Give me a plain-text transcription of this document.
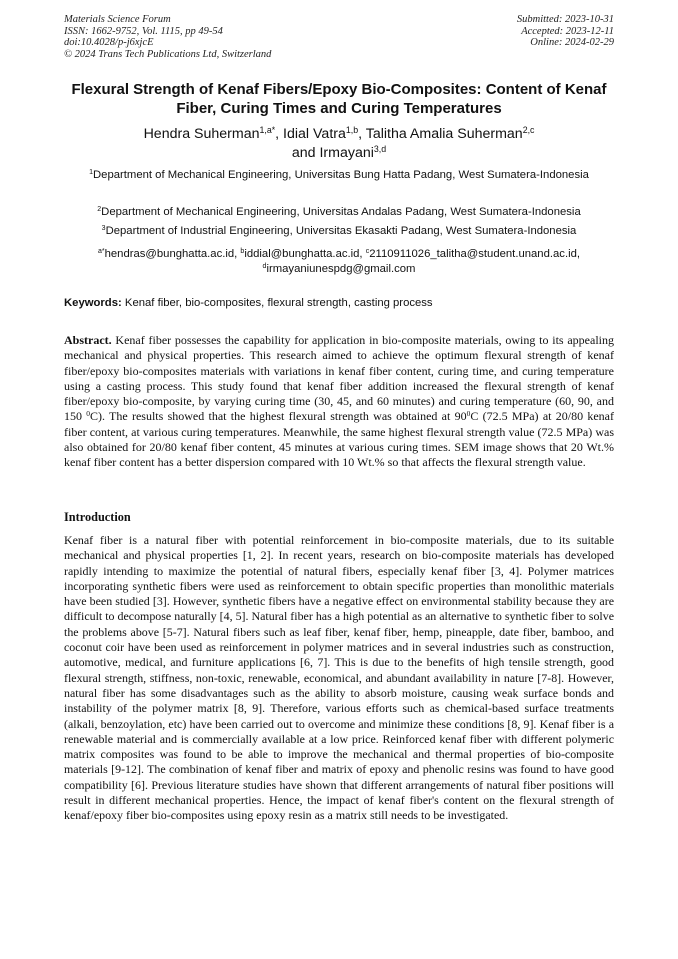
Materials Science Forum
ISSN: 1662-9752, Vol. 1115, pp 49-54
doi:10.4028/p-j6xjcE
© 2024 Trans Tech Publications Ltd, Switzerland
Submitted: 2023-10-31
Accepted: 2023-12-11
Online: 2024-02-29
Flexural Strength of Kenaf Fibers/Epoxy Bio-Composites: Content of Kenaf Fiber, Curing Times and Curing Temperatures
Hendra Suherman$^{1,a*}$, Idial Vatra$^{1,b}$, Talitha Amalia Suherman$^{2,c}$
and Irmayani$^{3,d}$
$^1$Department of Mechanical Engineering, Universitas Bung Hatta Padang, West Sumatera-Indonesia
$^2$Department of Mechanical Engineering, Universitas Andalas Padang, West Sumatera-Indonesia
$^3$Department of Industrial Engineering, Universitas Ekasakti Padang, West Sumatera-Indonesia
$^{a*}$hendras@bunghatta.ac.id, $^b$iddial@bunghatta.ac.id, $^c$2110911026_talitha@student.unand.ac.id,
$^d$irmayaniunespdg@gmail.com
Keywords: Kenaf fiber, bio-composites, flexural strength, casting process

Abstract. Kenaf fiber possesses the capability for application in bio-composite materials, owing to its appealing mechanical and physical properties. This research aimed to achieve the optimum flexural strength of kenaf fiber/epoxy bio-composites materials with variations in kenaf fiber content, curing time, and curing temperature using a casting process. This study found that kenaf fiber addition increased the flexural strength of kenaf fiber/epoxy bio-composite, by varying curing time (30, 45, and 60 minutes) and curing temperature (60, 90, and 150 $^0$C). The results showed that the highest flexural strength was obtained at $90^0C$ (72.5 MPa) at 20/80 kenaf fiber content, at various curing temperatures. Meanwhile, the same highest flexural strength value (72.5 MPa) was also obtained for 20/80 kenaf fiber content, 45 minutes at various curing times. SEM image shows that 20 Wt.% kenaf fiber content has a better dispersion compared with 10 Wt.% so that affects the flexural strength value.

Introduction

Kenaf fiber is a natural fiber with potential reinforcement in bio-composite materials, due to its suitable mechanical and physical properties [1, 2]. In recent years, research on bio-composite materials has developed rapidly intending to maximize the potential of natural fibers, especially kenaf fiber [3, 4]. Polymer matrices incorporating synthetic fibers were used as reinforcement to obtain specific properties than monolithic materials have been studied [3]. However, synthetic fibers have a negative effect on environmental stability because they are difficult to decompose naturally [4, 5]. Natural fiber has a high potential as an alternative to synthetic fiber to solve the problems above [5-7]. Natural fibers such as leaf fiber, kenaf fiber, hemp, pineapple, date fiber, bamboo, and coconut coir have been used as reinforcement in polymer matrices and in several industries such as construction, automotive, medical, and furniture applications [6, 7]. This is due to the benefits of high tensile strength, good flexural strength, stiffness, non-toxic, renewable, economical, and abundant availability in nature [7-8]. However, natural fiber has some disadvantages such as the ability to absorb moisture, causing weak surface bonds and instability of the polymer matrix [8, 9]. Therefore, various efforts such as chemical-based surface treatments (alkali, benzoylation, etc) have been carried out to overcome and minimize these conditions [8, 9]. Kenaf fiber is a renewable material and is commercially available at a low price. Reinforced kenaf fiber with different polymeric matrix composites was found to be able to improve the mechanical and thermal properties of bio-composite materials [9-12]. The combination of kenaf fiber and matrix of epoxy and phenolic resins was found to have good compatibility [6]. Previous literature studies have shown that different arrangements of natural fiber positions will result in different mechanical properties. Hence, the impact of kenaf fiber's content on the flexural strength of kenaf/epoxy fiber bio-composites using epoxy resin as a matrix still needs to be investigated.
